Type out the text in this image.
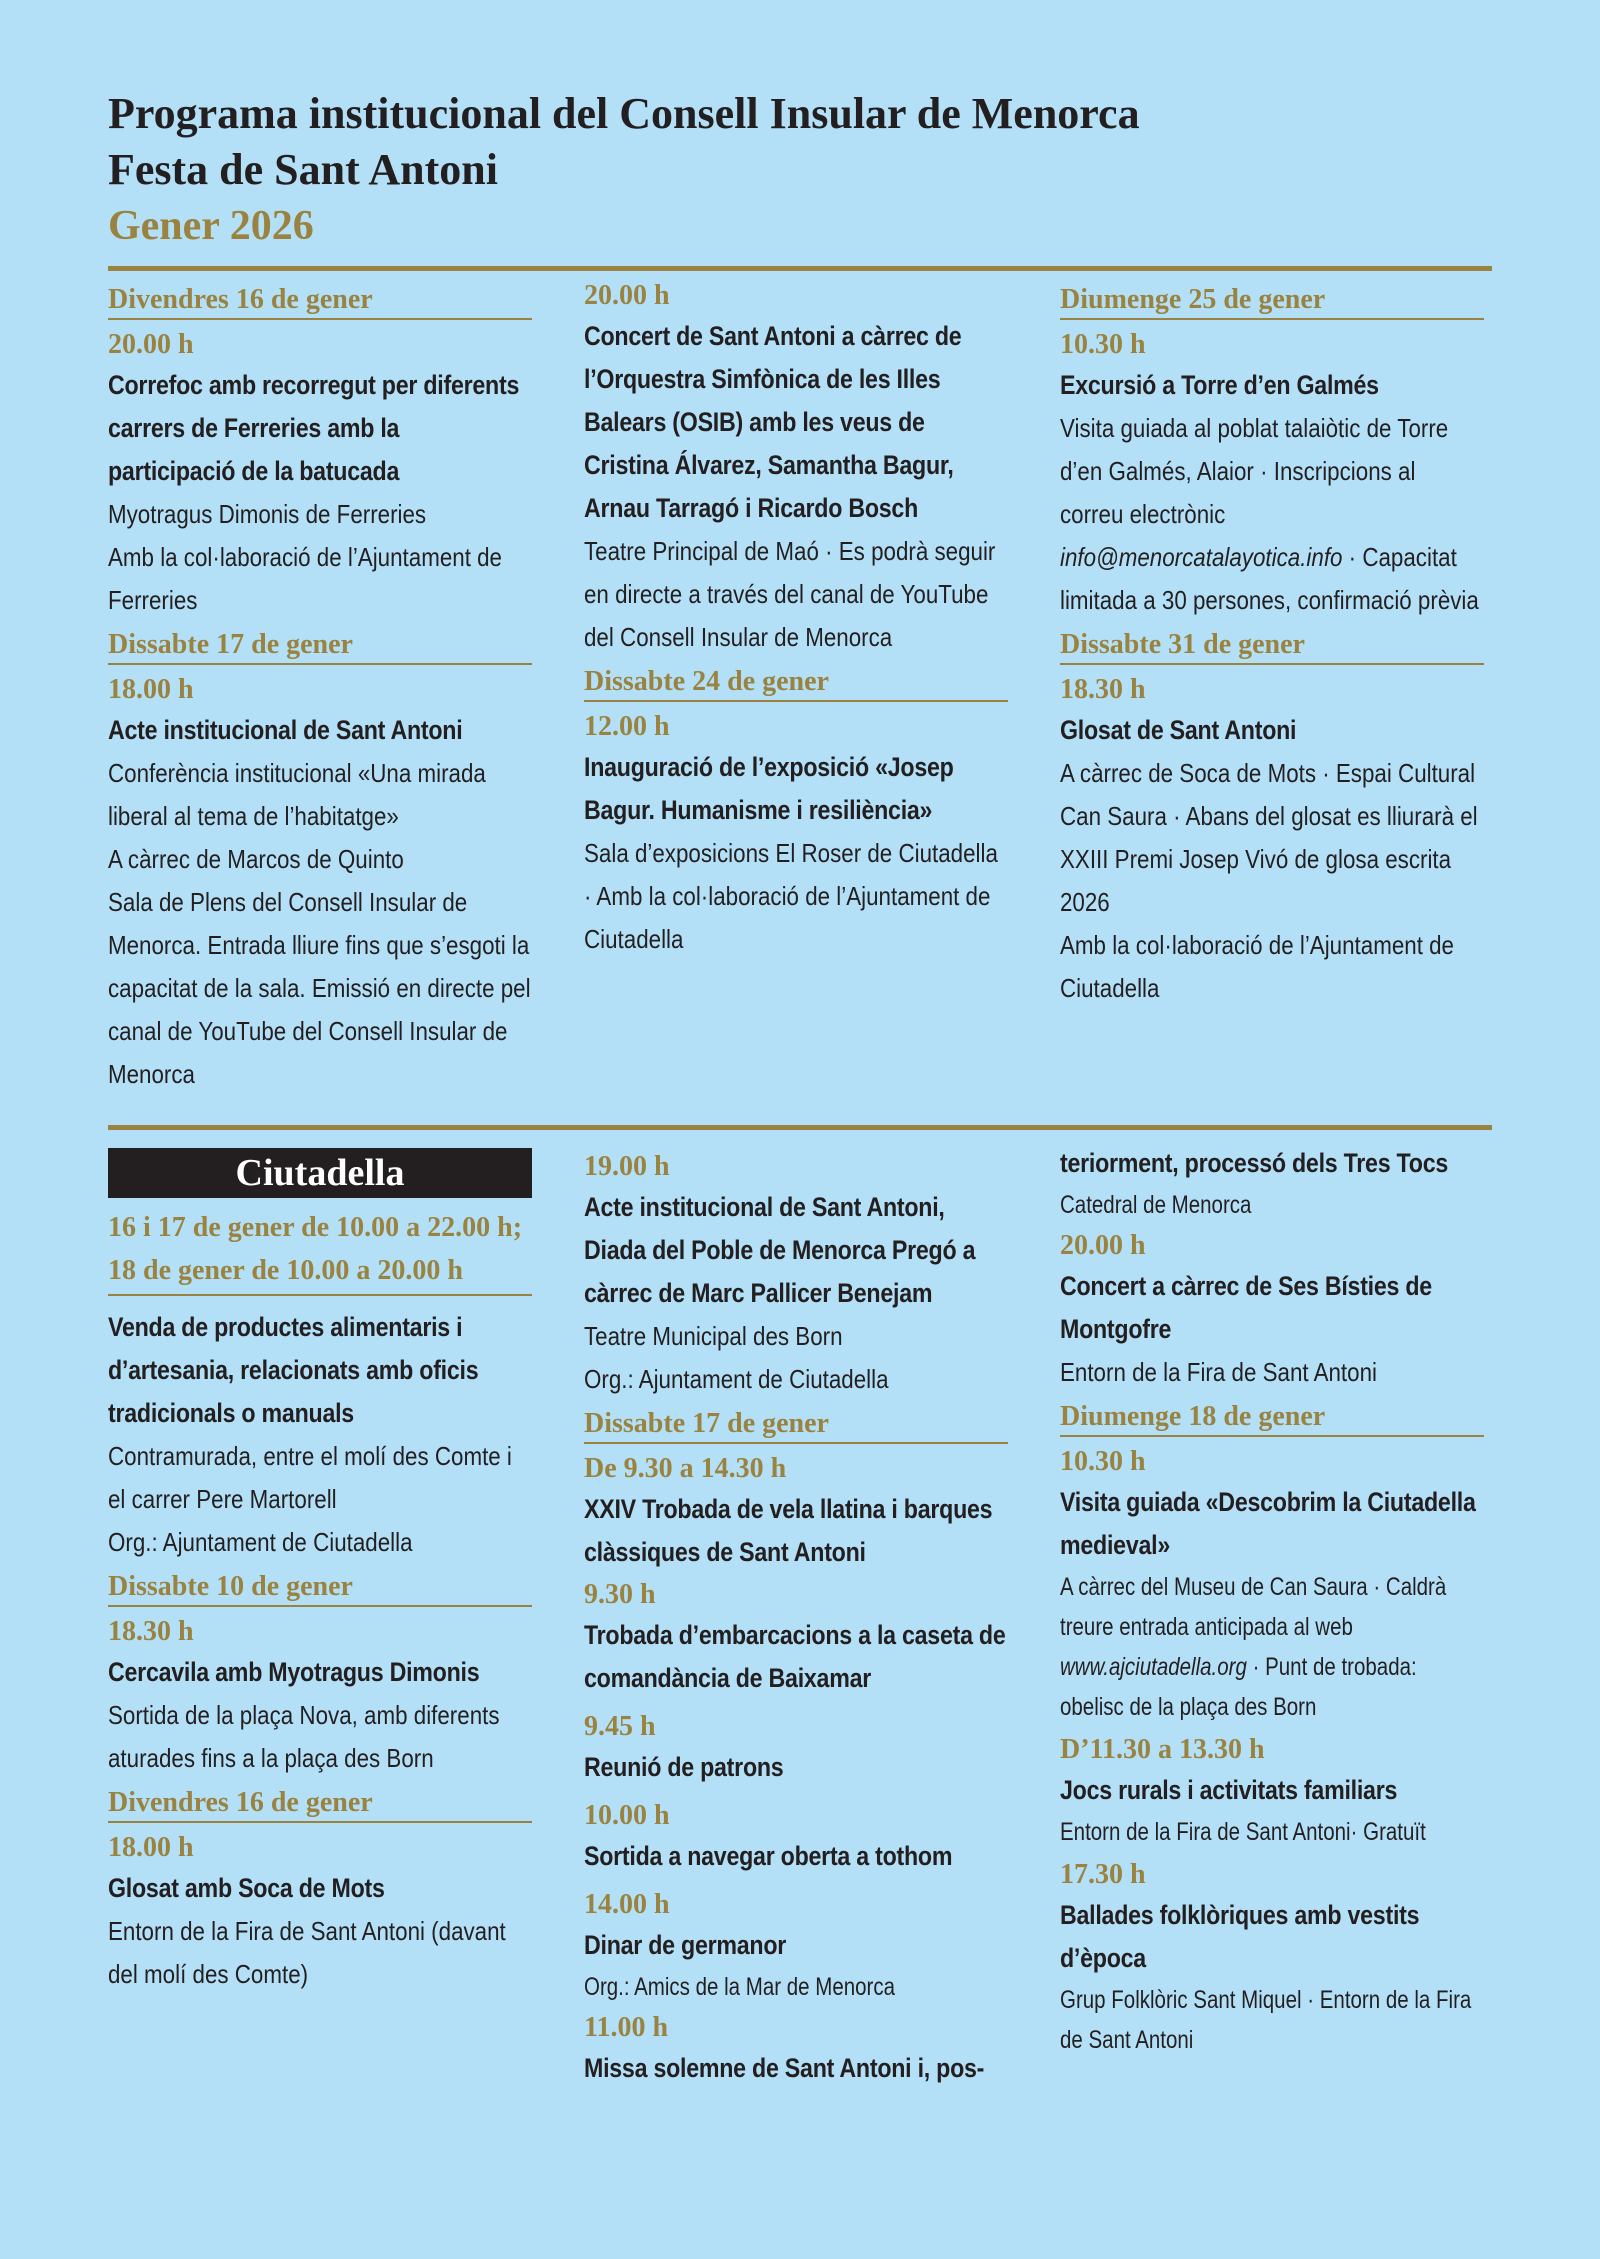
Programa institucional del Consell Insular de Menorca
Festa de Sant Antoni
Gener 2026
Divendres 16 de gener
20.00 h

Correfoc amb recorregut per diferents carrers de Ferreries amb la participació de la batucada

Myotragus Dimonis de Ferreries

Amb la col·laboració de l’Ajuntament de Ferreries

Dissabte 17 de gener
18.00 h

Acte institucional de Sant Antoni

Conferència institucional «Una mirada liberal al tema de l’habitatge»

A càrrec de Marcos de Quinto

Sala de Plens del Consell Insular de Menorca. Entrada lliure fins que s’esgoti la capacitat de la sala. Emissió en directe pel canal de YouTube del Consell Insular de Menorca

20.00 h

Concert de Sant Antoni a càrrec de l’Orquestra Simfònica de les Illes Balears (OSIB) amb les veus de Cristina Álvarez, Samantha Bagur, Arnau Tarragó i Ricardo Bosch

Teatre Principal de Maó · Es podrà seguir en directe a través del canal de YouTube del Consell Insular de Menorca

Dissabte 24 de gener
12.00 h

Inauguració de l’exposició «Josep Bagur. Humanisme i resiliència»

Sala d’exposicions El Roser de Ciutadella · Amb la col·laboració de l’Ajuntament de Ciutadella

Diumenge 25 de gener
10.30 h

Excursió a Torre d’en Galmés

Visita guiada al poblat talaiòtic de Torre d’en Galmés, Alaior · Inscripcions al correu electrònic info@menorcatalayotica.info · Capacitat limitada a 30 persones, confirmació prèvia

Dissabte 31 de gener
18.30 h

Glosat de Sant Antoni

A càrrec de Soca de Mots · Espai Cultural Can Saura · Abans del glosat es lliurarà el XXIII Premi Josep Vivó de glosa escrita 2026

Amb la col·laboració de l’Ajuntament de Ciutadella

Ciutadella
16 i 17 de gener de 10.00 a 22.00 h; 18 de gener de 10.00 a 20.00 h

Venda de productes alimentaris i d’artesania, relacionats amb oficis tradicionals o manuals

Contramurada, entre el molí des Comte i el carrer Pere Martorell

Org.: Ajuntament de Ciutadella

Dissabte 10 de gener
18.30 h

Cercavila amb Myotragus Dimonis

Sortida de la plaça Nova, amb diferents aturades fins a la plaça des Born

Divendres 16 de gener
18.00 h

Glosat amb Soca de Mots

Entorn de la Fira de Sant Antoni (davant del molí des Comte)

19.00 h

Acte institucional de Sant Antoni, Diada del Poble de Menorca Pregó a càrrec de Marc Pallicer Benejam

Teatre Municipal des Born

Org.: Ajuntament de Ciutadella

Dissabte 17 de gener
De 9.30 a 14.30 h

XXIV Trobada de vela llatina i barques clàssiques de Sant Antoni

9.30 h

Trobada d’embarcacions a la caseta de comandància de Baixamar

9.45 h

Reunió de patrons

10.00 h

Sortida a navegar oberta a tothom

14.00 h

Dinar de germanor

Org.: Amics de la Mar de Menorca

11.00 h

Missa solemne de Sant Antoni i, pos-

teriorment, processó dels Tres Tocs

Catedral de Menorca

20.00 h

Concert a càrrec de Ses Bísties de Montgofre

Entorn de la Fira de Sant Antoni

Diumenge 18 de gener
10.30 h

Visita guiada «Descobrim la Ciutadella medieval»

A càrrec del Museu de Can Saura · Caldrà treure entrada anticipada al web www.ajciutadella.org · Punt de trobada: obelisc de la plaça des Born

D’11.30 a 13.30 h

Jocs rurals i activitats familiars

Entorn de la Fira de Sant Antoni· Gratuït

17.30 h

Ballades folklòriques amb vestits d’època

Grup Folklòric Sant Miquel · Entorn de la Fira de Sant Antoni
